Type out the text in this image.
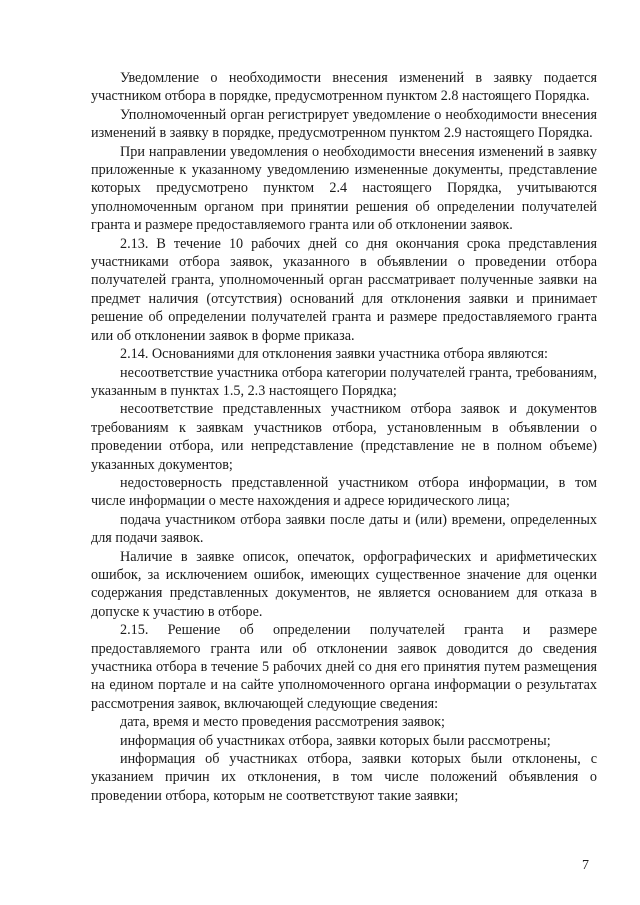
Уведомление о необходимости внесения изменений в заявку подается участником отбора в порядке, предусмотренном пунктом 2.8 настоящего Порядка.

Уполномоченный орган регистрирует уведомление о необходимости внесения изменений в заявку в порядке, предусмотренном пунктом 2.9 настоящего Порядка.

При направлении уведомления о необходимости внесения изменений в заявку приложенные к указанному уведомлению измененные документы, представление которых предусмотрено пунктом 2.4 настоящего Порядка, учитываются уполномоченным органом при принятии решения об определении получателей гранта и размере предоставляемого гранта или об отклонении заявок.

2.13. В течение 10 рабочих дней со дня окончания срока представления участниками отбора заявок, указанного в объявлении о проведении отбора получателей гранта, уполномоченный орган рассматривает полученные заявки на предмет наличия (отсутствия) оснований для отклонения заявки и принимает решение об определении получателей гранта и размере предоставляемого гранта или об отклонении заявок в форме приказа.

2.14. Основаниями для отклонения заявки участника отбора являются:

несоответствие участника отбора категории получателей гранта, требованиям, указанным в пунктах 1.5, 2.3 настоящего Порядка;

несоответствие представленных участником отбора заявок и документов требованиям к заявкам участников отбора, установленным в объявлении о проведении отбора, или непредставление (представление не в полном объеме) указанных документов;

недостоверность представленной участником отбора информации, в том числе информации о месте нахождения и адресе юридического лица;

подача участником отбора заявки после даты и (или) времени, определенных для подачи заявок.

Наличие в заявке описок, опечаток, орфографических и арифметических ошибок, за исключением ошибок, имеющих существенное значение для оценки содержания представленных документов, не является основанием для отказа в допуске к участию в отборе.

2.15. Решение об определении получателей гранта и размере предоставляемого гранта или об отклонении заявок доводится до сведения участника отбора в течение 5 рабочих дней со дня его принятия путем размещения на едином портале и на сайте уполномоченного органа информации о результатах рассмотрения заявок, включающей следующие сведения:

дата, время и место проведения рассмотрения заявок;

информация об участниках отбора, заявки которых были рассмотрены;

информация об участниках отбора, заявки которых были отклонены, с указанием причин их отклонения, в том числе положений объявления о проведении отбора, которым не соответствуют такие заявки;

7
